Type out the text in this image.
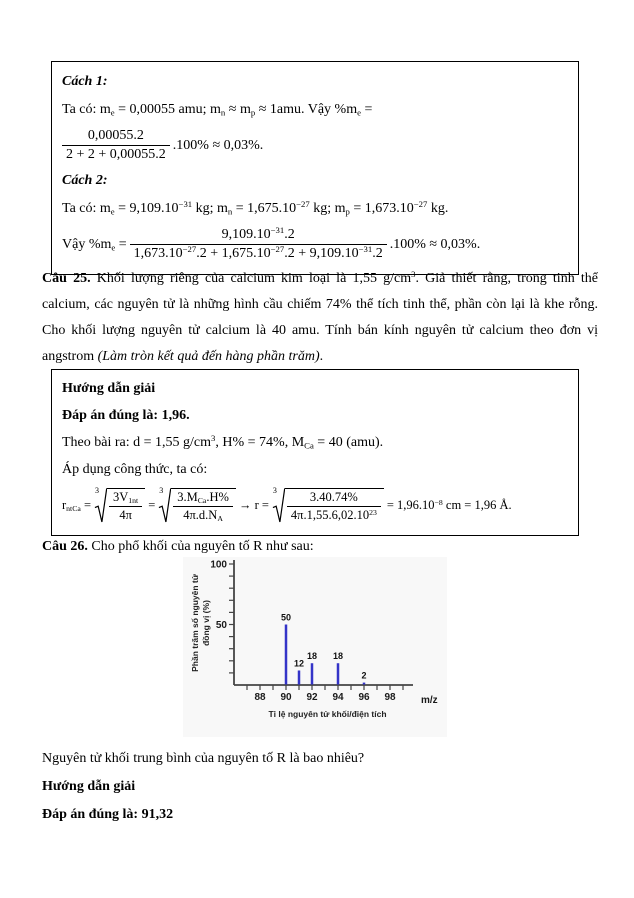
Cách 1:

Ta có: $m_e = 0,00055$ amu; $m_n \approx m_p \approx 1amu$. Vậy $\%m_e$ =

$\frac{0,00055.2}{2 + 2 + 0,00055.2} .100\% \approx 0,03\%$.

Cách 2:

Ta có: $m_e = 9,109.10^{-31}$ kg; $m_n = 1,675.10^{-27}$ kg; $m_p = 1,673.10^{-27}$ kg.

Vậy $\%m_e = \frac{9,109.10^{-31}.2}{1,673.10^{-27}.2 + 1,675.10^{-27}.2 + 9,109.10^{-31}.2} .100\% \approx 0,03\%$.

Câu 25. Khối lượng riêng của calcium kim loại là 1,55 $g/cm^3$. Giả thiết rằng, trong tinh thể calcium, các nguyên tử là những hình cầu chiếm 74% thể tích tinh thể, phần còn lại là khe rỗng. Cho khối lượng nguyên tử calcium là 40 amu. Tính bán kính nguyên tử calcium theo đơn vị angstrom (Làm tròn kết quả đến hàng phần trăm).

Hướng dẫn giải

Đáp án đúng là: 1,96.

Theo bài ra: d = 1,55 $g/cm^3$, H% = 74%, $M_{Ca} = 40$ (amu).

Áp dụng công thức, ta có:

$r_{ntCa}$ =
$3 \frac{3V_{1nt}}{4\pi}$ =
$3 \frac{3.M_{Ca}.H\%}{4\pi.d.N_A} \to r$ =
$3 \frac{3.40.74\%}{4\pi.1,55.6,02.10^{23}} = 1,96.10^{-8}$ cm = 1,96 Å.

Câu 26. Cho phổ khối của nguyên tố R như sau:

50
100
88 90 92 94 96 98
50
12
18 18
2
Phần trăm số nguyên tửđồng vị (%)
m/z
Tỉ lệ nguyên tử khối/điện tích

Nguyên tử khối trung bình của nguyên tố R là bao nhiêu?

Hướng dẫn giải

Đáp án đúng là: 91,32
